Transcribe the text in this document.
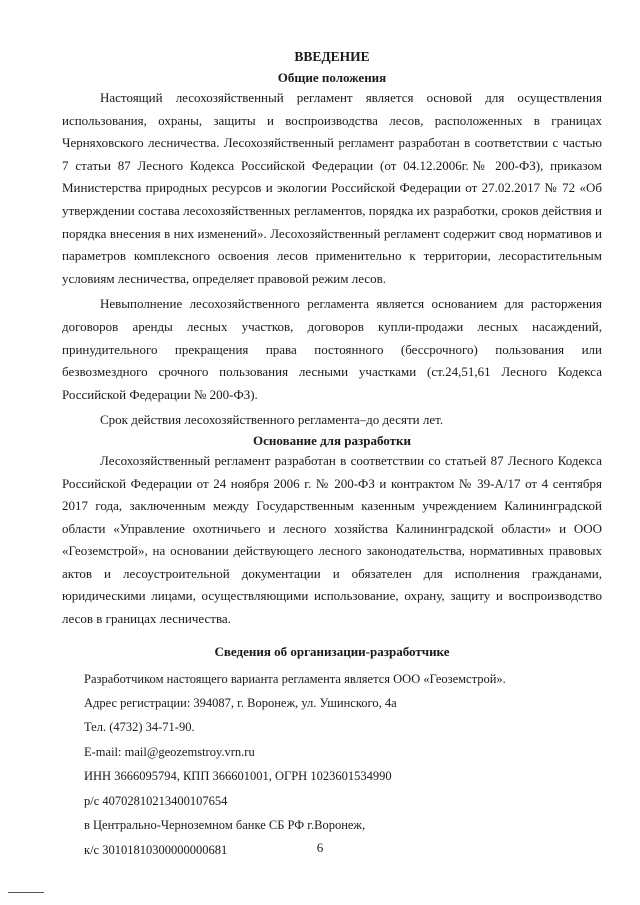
ВВЕДЕНИЕ

Общие положения

Настоящий лесохозяйственный регламент является основой для осуществления использования, охраны, защиты и воспроизводства лесов, расположенных в границах Черняховского лесничества. Лесохозяйственный регламент разработан в соответствии с частью 7 статьи 87 Лесного Кодекса Российской Федерации (от 04.12.2006г.№ 200-ФЗ), приказом Министерства природных ресурсов и экологии Российской Федерации от 27.02.2017 № 72 «Об утверждении состава лесохозяйственных регламентов, порядка их разработки, сроков действия и порядка внесения в них изменений». Лесохозяйственный регламент содержит свод нормативов и параметров комплексного освоения лесов применительно к территории, лесорастительным условиям лесничества, определяет правовой режим лесов.

Невыполнение лесохозяйственного регламента является основанием для расторжения договоров аренды лесных участков, договоров купли-продажи лесных насаждений, принудительного прекращения права постоянного (бессрочного) пользования или безвозмездного срочного пользования лесными участками (ст.24,51,61 Лесного Кодекса Российской Федерации № 200-ФЗ).

Срок действия лесохозяйственного регламента–до десяти лет.

Основание для разработки

Лесохозяйственный регламент разработан в соответствии со статьей 87 Лесного Кодекса Российской Федерации от 24 ноября 2006 г. № 200-ФЗ и контрактом № 39-А/17 от 4 сентября 2017 года, заключенным между Государственным казенным учреждением Калининградской области «Управление охотничьего и лесного хозяйства Калининградской области» и ООО «Геоземстрой», на основании действующего лесного законодательства, нормативных правовых актов и лесоустроительной документации и обязателен для исполнения гражданами, юридическими лицами, осуществляющими использование, охрану, защиту и воспроизводство лесов в границах лесничества.

Сведения об организации-разработчике

Разработчиком настоящего варианта регламента является ООО «Геоземстрой».

Адрес регистрации: 394087, г. Воронеж, ул. Ушинского, 4а

Тел. (4732) 34-71-90.

E-mail: mail@geozemstroy.vrn.ru

ИНН 3666095794, КПП 366601001, ОГРН 1023601534990

р/с 40702810213400107654

в Центрально-Черноземном банке СБ РФ г.Воронеж,

к/с 30101810300000000681	6
